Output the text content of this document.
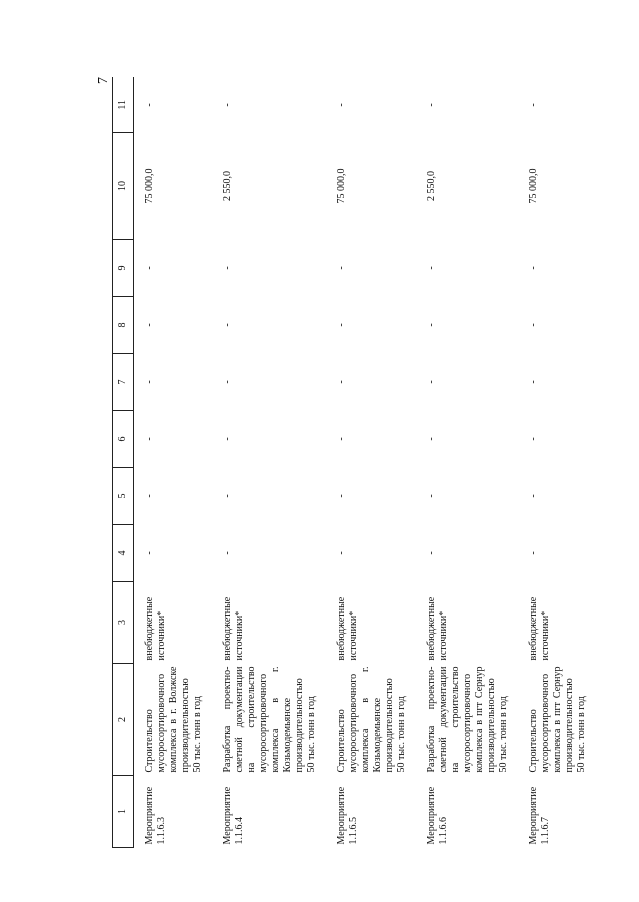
7
1	2	3	4	5	6	7	8	9	10	11
Мероприятие 1.1.6.3	Строительство мусоросортировочного комплекса в г. Волжске производительностью 50 тыс. тонн в год	внебюджетные источники*	-	-	-	-	-	-	75 000,0	-
Мероприятие 1.1.6.4	Разработка проектно-сметной документации на строительство мусоросортировочного комплекса в г. Козьмодемьянске производительностью 50 тыс. тонн в год	внебюджетные источники*	-	-	-	-	-	-	2 550,0	-
Мероприятие 1.1.6.5	Строительство мусоросортировочного комплекса в г. Козьмодемьянске производительностью 50 тыс. тонн в год	внебюджетные источники*	-	-	-	-	-	-	75 000,0	-
Мероприятие 1.1.6.6	Разработка проектно-сметной документации на строительство мусоросортировочного комплекса в пгт Сернур производительностью 50 тыс. тонн в год	внебюджетные источники*	-	-	-	-	-	-	2 550,0	-
Мероприятие 1.1.6.7	Строительство мусоросортировочного комплекса в пгт Сернур производительностью 50 тыс. тонн в год	внебюджетные источники*	-	-	-	-	-	-	75 000,0	-
